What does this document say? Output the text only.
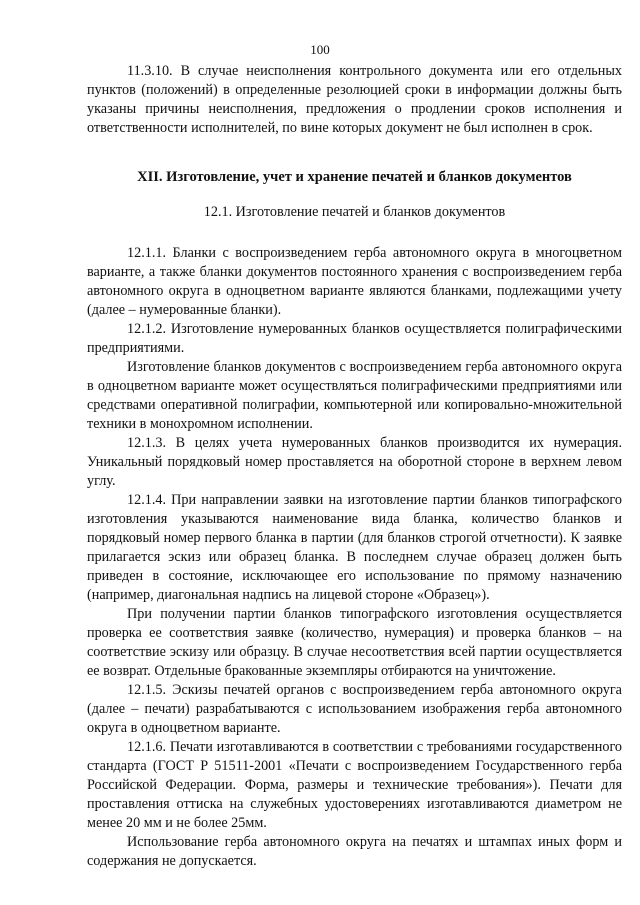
100

11.3.10. В случае неисполнения контрольного документа или его отдельных пунктов (положений) в определенные резолюцией сроки в информации должны быть указаны причины неисполнения, предложения о продлении сроков исполнения и ответственности исполнителей, по вине которых документ не был исполнен в срок.

XII. Изготовление, учет и хранение печатей и бланков документов

12.1. Изготовление печатей и бланков документов

12.1.1. Бланки с воспроизведением герба автономного округа в многоцветном варианте, а также бланки документов постоянного хранения с воспроизведением герба автономного округа в одноцветном варианте являются бланками, подлежащими учету (далее – нумерованные бланки).

12.1.2. Изготовление нумерованных бланков осуществляется полиграфическими предприятиями.

Изготовление бланков документов с воспроизведением герба автономного округа в одноцветном варианте может осуществляться полиграфическими предприятиями или средствами оперативной полиграфии, компьютерной или копировально-множительной техники в монохромном исполнении.

12.1.3. В целях учета нумерованных бланков производится их нумерация. Уникальный порядковый номер проставляется на оборотной стороне в верхнем левом углу.

12.1.4. При направлении заявки на изготовление партии бланков типографского изготовления указываются наименование вида бланка, количество бланков и порядковый номер первого бланка в партии (для бланков строгой отчетности). К заявке прилагается эскиз или образец бланка. В последнем случае образец должен быть приведен в состояние, исключающее его использование по прямому назначению (например, диагональная надпись на лицевой стороне «Образец»).

При получении партии бланков типографского изготовления осуществляется проверка ее соответствия заявке (количество, нумерация) и проверка бланков – на соответствие эскизу или образцу. В случае несоответствия всей партии осуществляется ее возврат. Отдельные бракованные экземпляры отбираются на уничтожение.

12.1.5. Эскизы печатей органов с воспроизведением герба автономного округа (далее – печати) разрабатываются с использованием изображения герба автономного округа в одноцветном варианте.

12.1.6. Печати изготавливаются в соответствии с требованиями государственного стандарта (ГОСТ Р 51511-2001 «Печати с воспроизведением Государственного герба Российской Федерации. Форма, размеры и технические требования»). Печати для проставления оттиска на служебных удостоверениях изготавливаются диаметром не менее 20 мм и не более 25мм.

Использование герба автономного округа на печатях и штампах иных форм и содержания не допускается.
